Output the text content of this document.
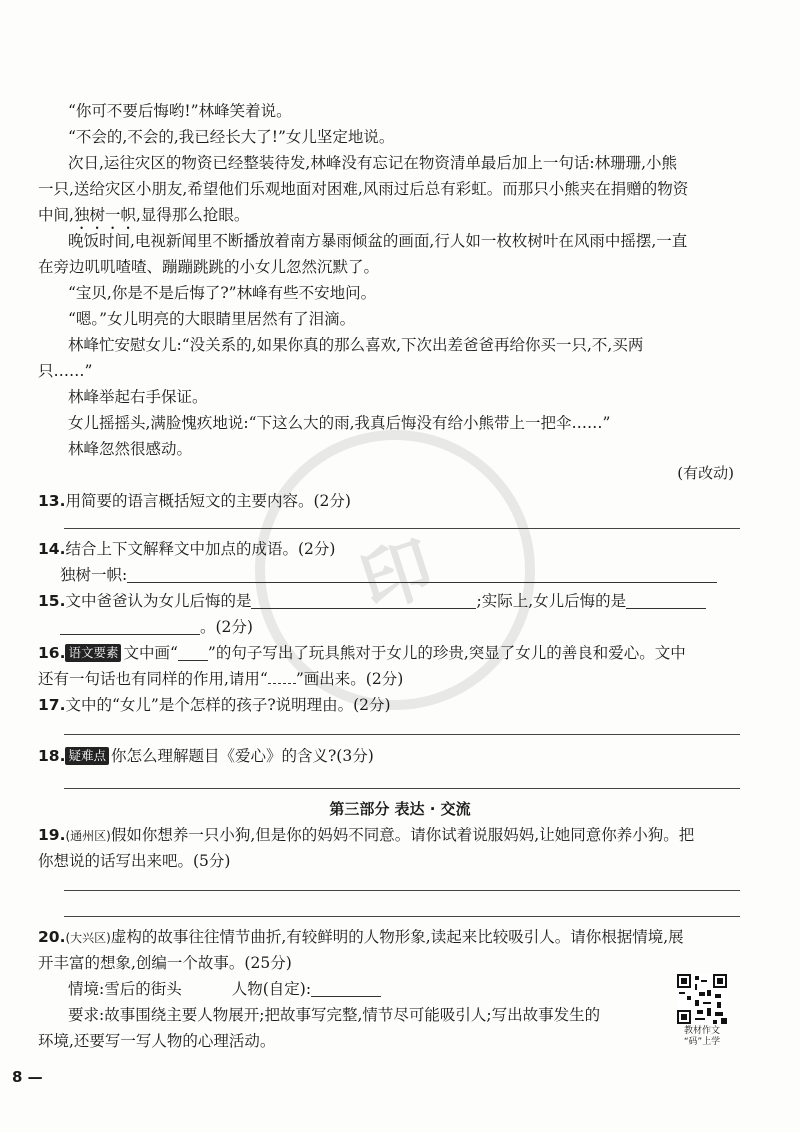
印
“你可不要后悔哟!”林峰笑着说。
“不会的,不会的,我已经长大了!”女儿坚定地说。
次日,运往灾区的物资已经整装待发,林峰没有忘记在物资清单最后加上一句话:林珊珊,小熊
一只,送给灾区小朋友,希望他们乐观地面对困难,风雨过后总有彩虹。而那只小熊夹在捐赠的物资
中间,独树一帜,显得那么抢眼。
晚饭时间,电视新闻里不断播放着南方暴雨倾盆的画面,行人如一枚枚树叶在风雨中摇摆,一直
在旁边叽叽喳喳、蹦蹦跳跳的小女儿忽然沉默了。
“宝贝,你是不是后悔了?”林峰有些不安地问。
“嗯。”女儿明亮的大眼睛里居然有了泪滴。
林峰忙安慰女儿:“没关系的,如果你真的那么喜欢,下次出差爸爸再给你买一只,不,买两
只……”
林峰举起右手保证。
女儿摇摇头,满脸愧疚地说:“下这么大的雨,我真后悔没有给小熊带上一把伞……”
林峰忽然很感动。
(有改动)
13.用简要的语言概括短文的主要内容。(2分)
14.结合上下文解释文中加点的成语。(2分)
独树一帜:
15.文中爸爸认为女儿后悔的是	;实际上,女儿后悔的是
。(2分)
16. 语文要素 文中画“ ”的句子写出了玩具熊对于女儿的珍贵,突显了女儿的善良和爱心。文中
还有一句话也有同样的作用,请用“ ”画出来。(2分)
17.文中的“女儿”是个怎样的孩子?说明理由。(2分)
18. 疑难点 你怎么理解题目《爱心》的含义?(3分)
第三部分 表达 · 交流
19.(通州区)假如你想养一只小狗,但是你的妈妈不同意。请你试着说服妈妈,让她同意你养小狗。把
你想说的话写出来吧。(5分)
20.(大兴区)虚构的故事往往情节曲折,有较鲜明的人物形象,读起来比较吸引人。请你根据情境,展
开丰富的想象,创编一个故事。(25分)
情境:雪后的街头	人物(自定):
要求:故事围绕主要人物展开;把故事写完整,情节尽可能吸引人;写出故事发生的
环境,还要写一写人物的心理活动。
教材作文
“码”上学
8 —
